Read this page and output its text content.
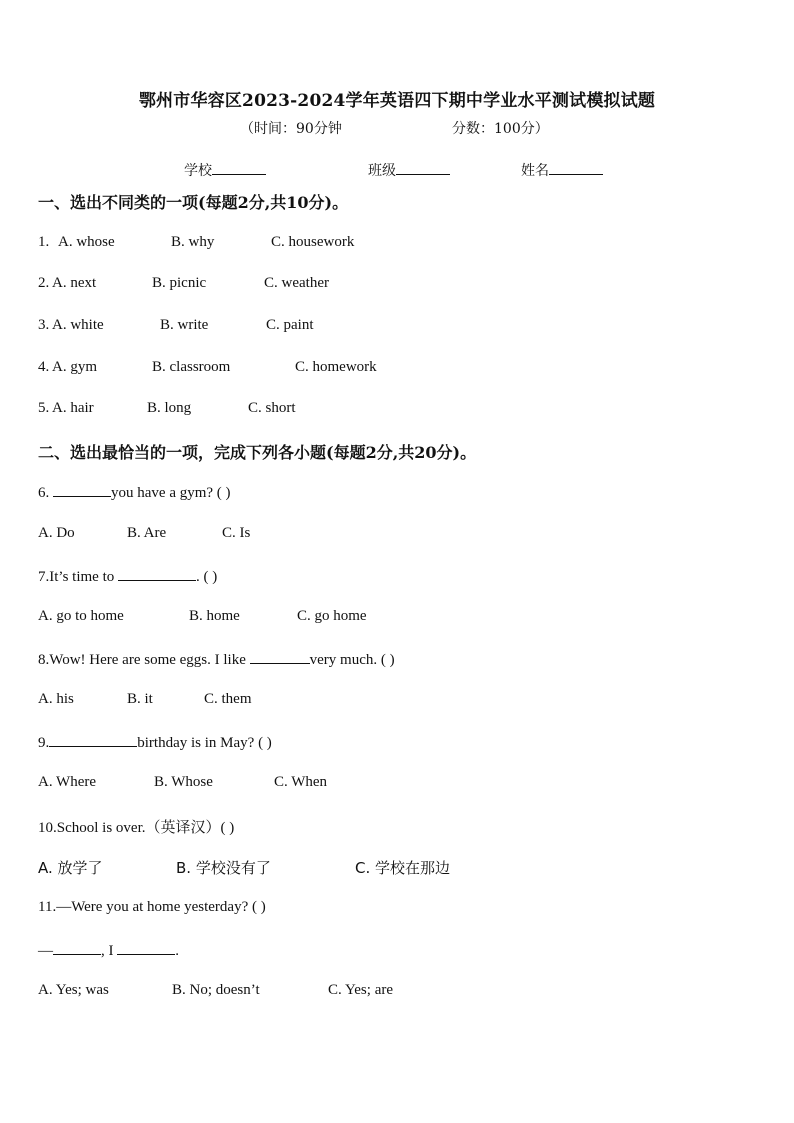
鄂州市华容区2023-2024学年英语四下期中学业水平测试模拟试题
（时间：90分钟	分数：100分）
学校	班级	姓名
一、选出不同类的一项(每题2分,共10分)。
1. A. whose	B. why	C. housework
2. A. next	B. picnic	C. weather
3. A. white	B. write	C. paint
4. A. gym	B. classroom	C. homework
5. A. hair	B. long	C. short
二、选出最恰当的一项，完成下列各小题(每题2分,共20分)。
6.	you have a gym? ( )
A. Do	B. Are	C. Is
7.It’s time to	. ( )
A. go to home	B. home	C. go home
8.Wow! Here are some eggs. I like	very much. ( )
A. his	B. it	C. them
9.	birthday is in May? ( )
A. Where	B. Whose	C. When
10.School is over.（英译汉）( )
A. 放学了	B. 学校没有了	C. 学校在那边
11.—Were you at home yesterday? ( )
—	, I	.
A. Yes; was	B. No; doesn’t	C. Yes; are
